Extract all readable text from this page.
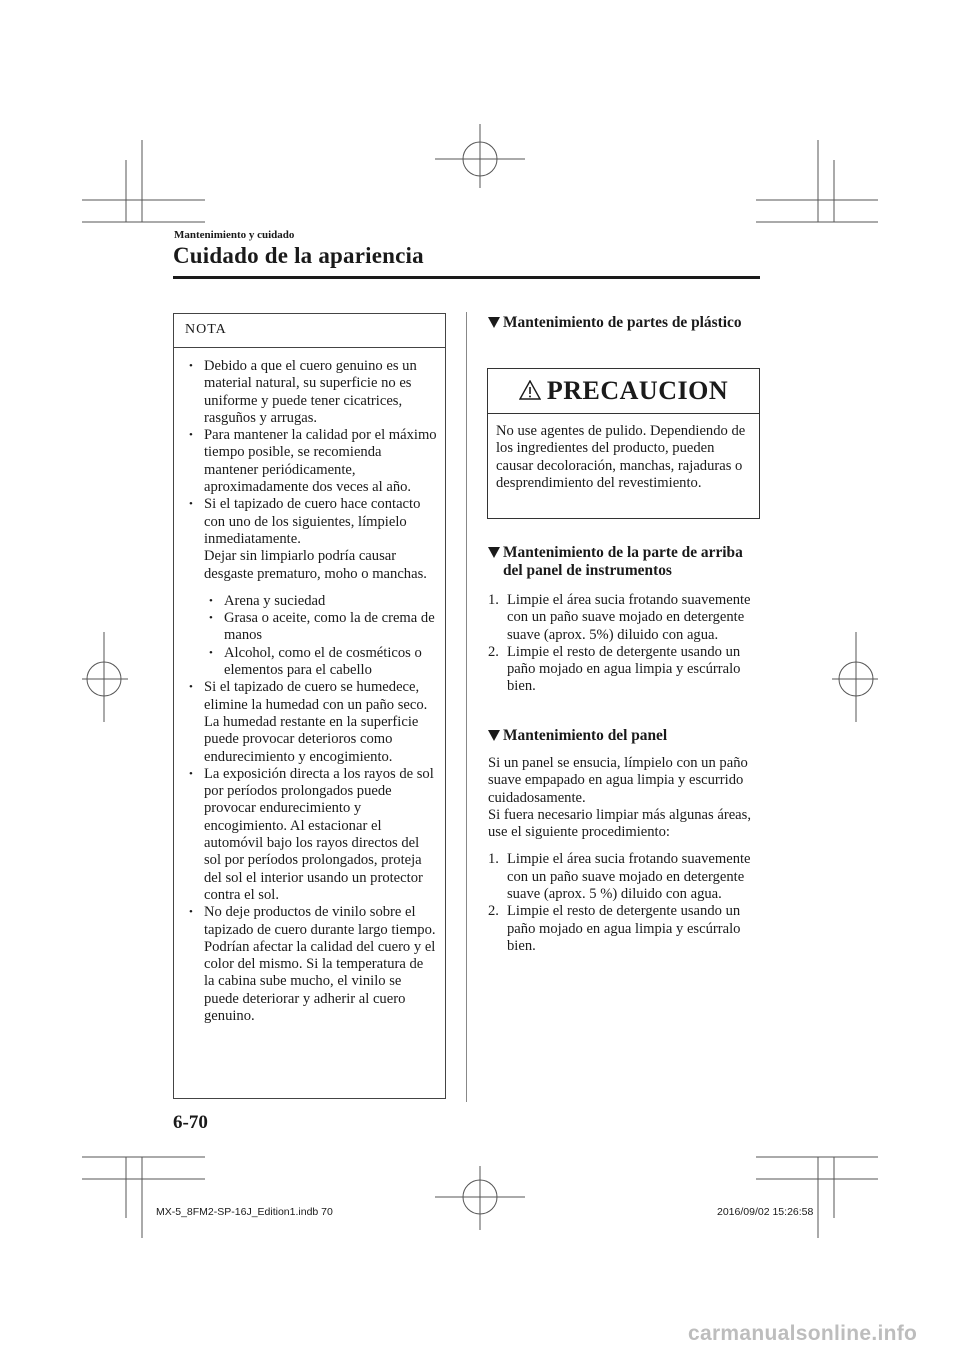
Mantenimiento y cuidado
Cuidado de la apariencia
NOTA
• Debido a que el cuero genuino es un material natural, su superficie no es uniforme y puede tener cicatrices, rasguños y arrugas.
• Para mantener la calidad por el máximo tiempo posible, se recomienda mantener periódicamente, aproximadamente dos veces al año.
• Si el tapizado de cuero hace contacto con uno de los siguientes, límpielo inmediatamente.
Dejar sin limpiarlo podría causar desgaste prematuro, moho o manchas.
• Arena y suciedad
• Grasa o aceite, como la de crema de manos
• Alcohol, como el de cosméticos o elementos para el cabello
• Si el tapizado de cuero se humedece, elimine la humedad con un paño seco. La humedad restante en la superficie puede provocar deterioros como endurecimiento y encogimiento.
• La exposición directa a los rayos de sol por períodos prolongados puede provocar endurecimiento y encogimiento. Al estacionar el automóvil bajo los rayos directos del sol por períodos prolongados, proteja del sol el interior usando un protector contra el sol.
• No deje productos de vinilo sobre el tapizado de cuero durante largo tiempo. Podrían afectar la calidad del cuero y el color del mismo. Si la temperatura de la cabina sube mucho, el vinilo se puede deteriorar y adherir al cuero genuino.
Mantenimiento de partes de plástico
PRECAUCION
No use agentes de pulido. Dependiendo de los ingredientes del producto, pueden causar decoloración, manchas, rajaduras o desprendimiento del revestimiento.
Mantenimiento de la parte de arriba del panel de instrumentos
1. Limpie el área sucia frotando suavemente con un paño suave mojado en detergente suave (aprox. 5%) diluido con agua.
2. Limpie el resto de detergente usando un paño mojado en agua limpia y escúrralo bien.
Mantenimiento del panel
Si un panel se ensucia, límpielo con un paño suave empapado en agua limpia y escurrido cuidadosamente.
Si fuera necesario limpiar más algunas áreas, use el siguiente procedimiento:
1. Limpie el área sucia frotando suavemente con un paño suave mojado en detergente suave (aprox. 5 %) diluido con agua.
2. Limpie el resto de detergente usando un paño mojado en agua limpia y escúrralo bien.
6-70
MX-5_8FM2-SP-16J_Edition1.indb 70	2016/09/02 15:26:58
carmanualsonline.info
